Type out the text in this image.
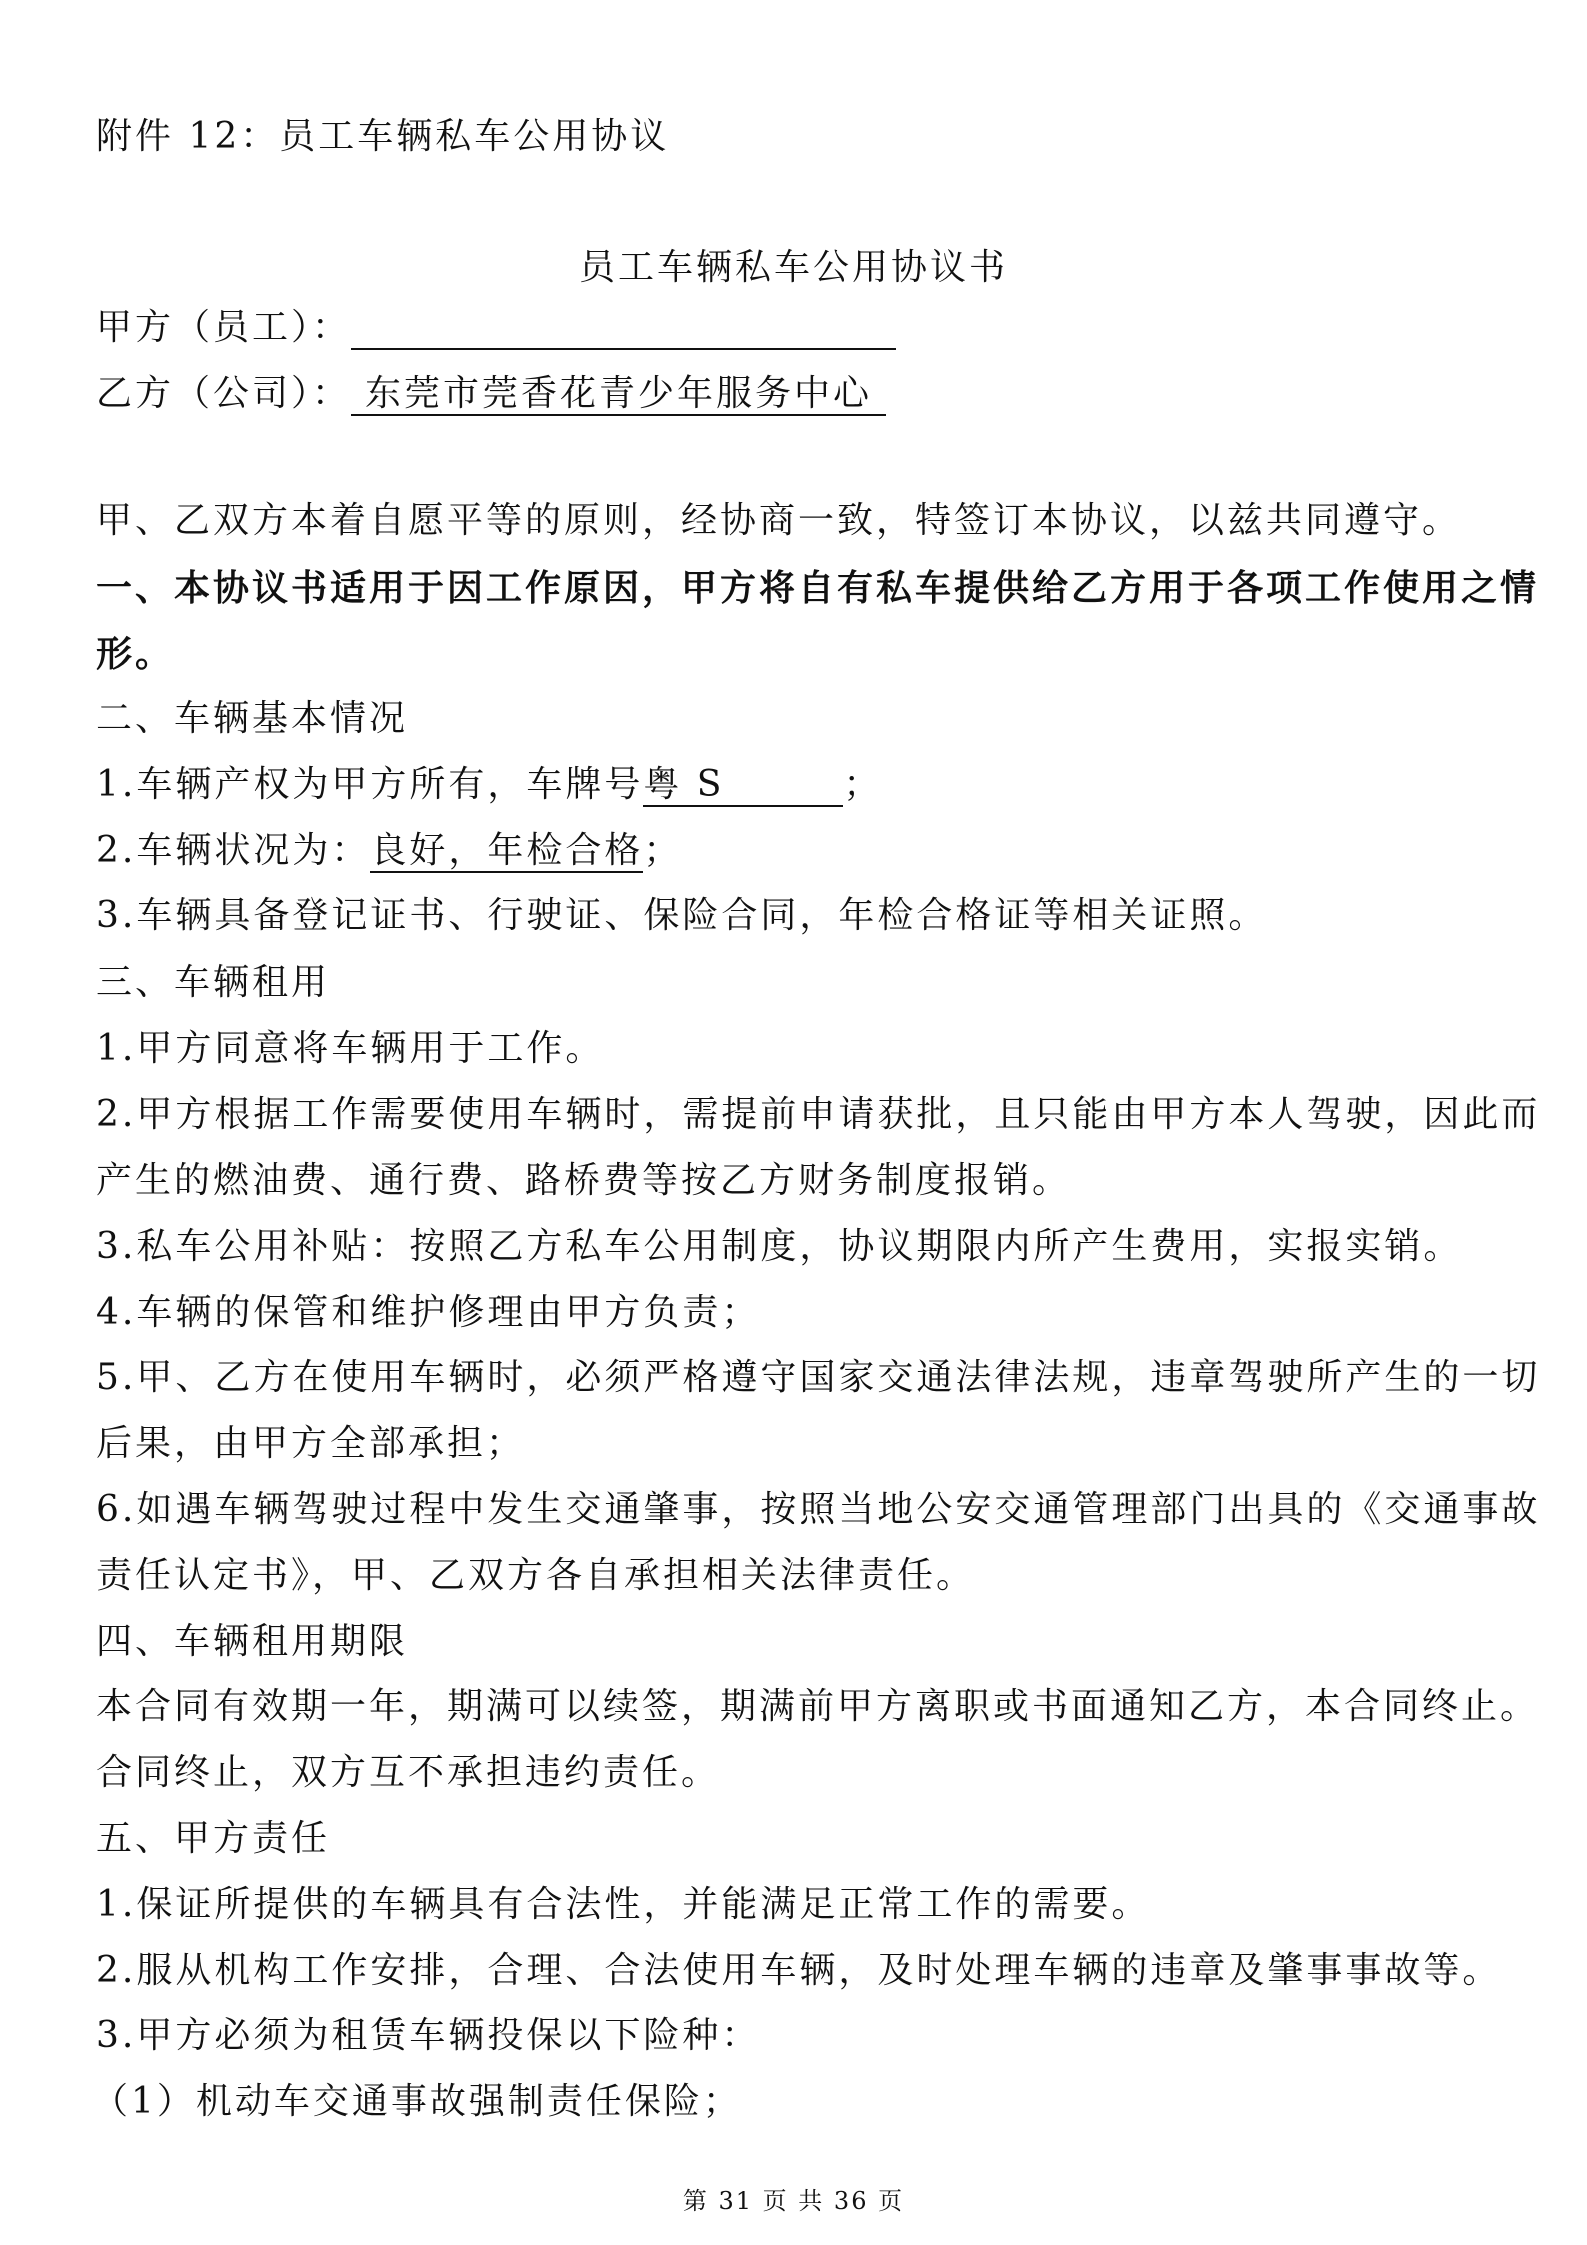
附件 12：员工车辆私车公用协议
员工车辆私车公用协议书
甲方（员工）：
乙方（公司）： 东莞市莞香花青少年服务中心
甲、乙双方本着自愿平等的原则，经协商一致，特签订本协议，以兹共同遵守。
一、本协议书适用于因工作原因，甲方将自有私车提供给乙方用于各项工作使用之情
形。
二、车辆基本情况
1.车辆产权为甲方所有，车牌号粤 S	；
2.车辆状况为：良好，年检合格；
3.车辆具备登记证书、行驶证、保险合同，年检合格证等相关证照。
三、车辆租用
1.甲方同意将车辆用于工作。
2.甲方根据工作需要使用车辆时，需提前申请获批，且只能由甲方本人驾驶，因此而
产生的燃油费、通行费、路桥费等按乙方财务制度报销。
3.私车公用补贴：按照乙方私车公用制度，协议期限内所产生费用，实报实销。
4.车辆的保管和维护修理由甲方负责；
5.甲、乙方在使用车辆时，必须严格遵守国家交通法律法规，违章驾驶所产生的一切
后果，由甲方全部承担；
6.如遇车辆驾驶过程中发生交通肇事，按照当地公安交通管理部门出具的《交通事故
责任认定书》，甲、乙双方各自承担相关法律责任。
四、车辆租用期限
本合同有效期一年，期满可以续签，期满前甲方离职或书面通知乙方，本合同终止。
合同终止，双方互不承担违约责任。
五、甲方责任
1.保证所提供的车辆具有合法性，并能满足正常工作的需要。
2.服从机构工作安排，合理、合法使用车辆，及时处理车辆的违章及肇事事故等。
3.甲方必须为租赁车辆投保以下险种：
（1）机动车交通事故强制责任保险；
第 31 页 共 36 页
